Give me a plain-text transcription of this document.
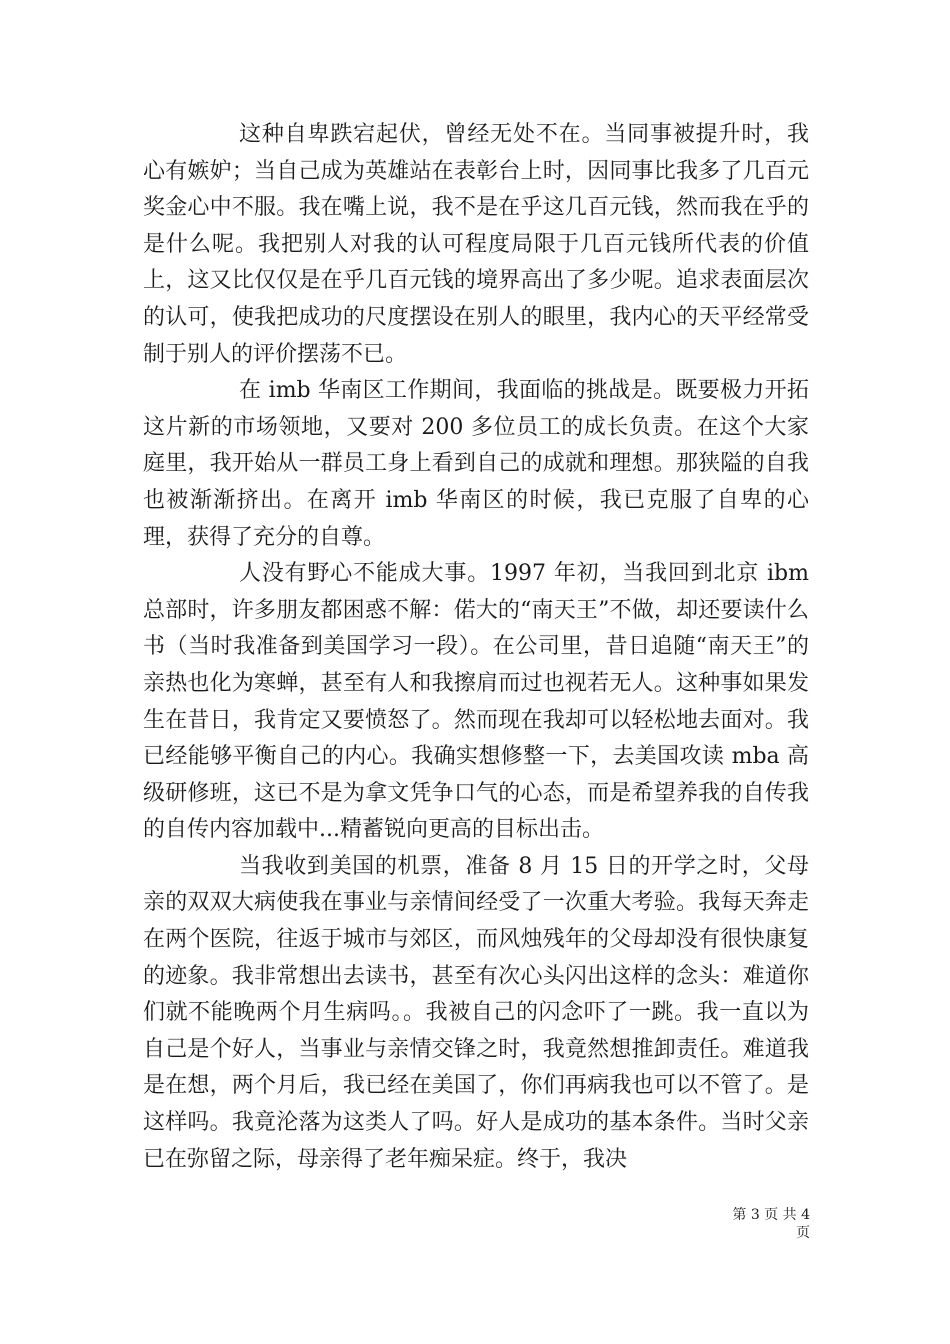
这种自卑跌宕起伏，曾经无处不在。当同事被提升时，我心有嫉妒；当自己成为英雄站在表彰台上时，因同事比我多了几百元奖金心中不服。我在嘴上说，我不是在乎这几百元钱，然而我在乎的是什么呢。我把别人对我的认可程度局限于几百元钱所代表的价值上，这又比仅仅是在乎几百元钱的境界高出了多少呢。追求表面层次的认可，使我把成功的尺度摆设在别人的眼里，我内心的天平经常受制于别人的评价摆荡不已。

在 imb 华南区工作期间，我面临的挑战是。既要极力开拓这片新的市场领地，又要对 200 多位员工的成长负责。在这个大家庭里，我开始从一群员工身上看到自己的成就和理想。那狭隘的自我也被渐渐挤出。在离开 imb 华南区的时候，我已克服了自卑的心理，获得了充分的自尊。

人没有野心不能成大事。1997 年初，当我回到北京 ibm 总部时，许多朋友都困惑不解：偌大的“南天王”不做，却还要读什么书（当时我准备到美国学习一段）。在公司里，昔日追随“南天王”的亲热也化为寒蝉，甚至有人和我擦肩而过也视若无人。这种事如果发生在昔日，我肯定又要愤怒了。然而现在我却可以轻松地去面对。我已经能够平衡自己的内心。我确实想修整一下，去美国攻读 mba 高级研修班，这已不是为拿文凭争口气的心态，而是希望养我的自传我的自传内容加载中...精蓄锐向更高的目标出击。

当我收到美国的机票，准备 8 月 15 日的开学之时，父母亲的双双大病使我在事业与亲情间经受了一次重大考验。我每天奔走在两个医院，往返于城市与郊区，而风烛残年的父母却没有很快康复的迹象。我非常想出去读书，甚至有次心头闪出这样的念头：难道你们就不能晚两个月生病吗。。我被自己的闪念吓了一跳。我一直以为自己是个好人，当事业与亲情交锋之时，我竟然想推卸责任。难道我是在想，两个月后，我已经在美国了，你们再病我也可以不管了。是这样吗。我竟沦落为这类人了吗。好人是成功的基本条件。当时父亲已在弥留之际，母亲得了老年痴呆症。终于，我决

第 3 页 共 4 页
